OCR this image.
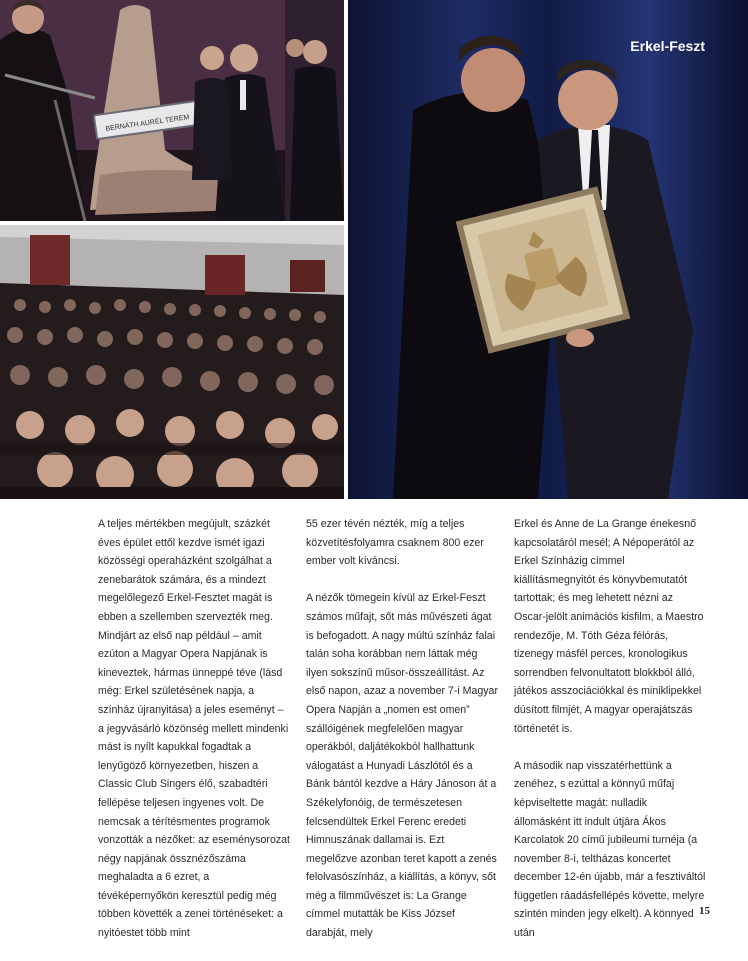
BERNÁTH AURÉL TEREM
Erkel-Feszt

A teljes mértékben megújult, százkét éves épület ettől kezdve ismét igazi közösségi operaházként szolgálhat a zenebarátok számára, és a mindezt megelőlegező Erkel-Fesztet magát is ebben a szellemben szervezték meg. Mindjárt az első nap például – amit ezúton a Magyar Opera Napjának is kineveztek, hármas ünneppé téve (lásd még: Erkel születésének napja, a színház újranyitása) a jeles eseményt – a jegyvásárló közönség mellett mindenki mást is nyílt kapukkal fogadtak a lenyűgöző környezetben, hiszen a Classic Club Singers élő, szabadtéri fellépése teljesen ingyenes volt. De nemcsak a térítésmentes programok vonzották a nézőket: az eseménysorozat négy napjának össznézőszáma meghaladta a 6 ezret, a tévéképernyőkön keresztül pedig még többen követték a zenei történéseket: a nyitóestet több mint

55 ezer tévén nézték, míg a teljes közvetítésfolyamra csaknem 800 ezer ember volt kíváncsi.

A nézők tömegein kívül az Erkel-Feszt számos műfajt, sőt más művészeti ágat is befogadott. A nagy múltú színház falai talán soha korábban nem láttak még ilyen sokszínű műsor-összeállítást. Az első napon, azaz a november 7-i Magyar Opera Napján a „nomen est omen” szállóigének megfelelően magyar operákból, daljátékokból hallhattunk válogatást a Hunyadi Lászlótól és a Bánk bántól kezdve a Háry Jánoson át a Székelyfonóig, de természetesen felcsendültek Erkel Ferenc eredeti Himnuszának dallamai is. Ezt megelőzve azonban teret kapott a zenés felolvasószínház, a kiállítás, a könyv, sőt még a filmművészet is: La Grange címmel mutatták be Kiss József darabját, mely

Erkel és Anne de La Grange énekesnő kapcsolatáról mesél; A Népoperától az Erkel Színházig címmel kiállításmegnyitót és könyvbemutatót tartottak; és meg lehetett nézni az Oscar-jelölt animációs kisfilm, a Maestro rendezője, M. Tóth Géza félórás, tizenegy másfél perces, kronologikus sorrendben felvonultatott blokkból álló, játékos asszociációkkal és miniklipekkel dúsított filmjét, A magyar operajátszás történetét is.

A második nap visszatérhettünk a zenéhez, s ezúttal a könnyű műfaj képviseltette magát: nulladik állomásként itt indult útjára Ákos Karcolatok 20 című jubileumi turnéja (a november 8-i, teltházas koncertet december 12-én újabb, már a fesztiváltól független ráadásfellépés követte, melyre szintén minden jegy elkelt). A könnyed után

15
